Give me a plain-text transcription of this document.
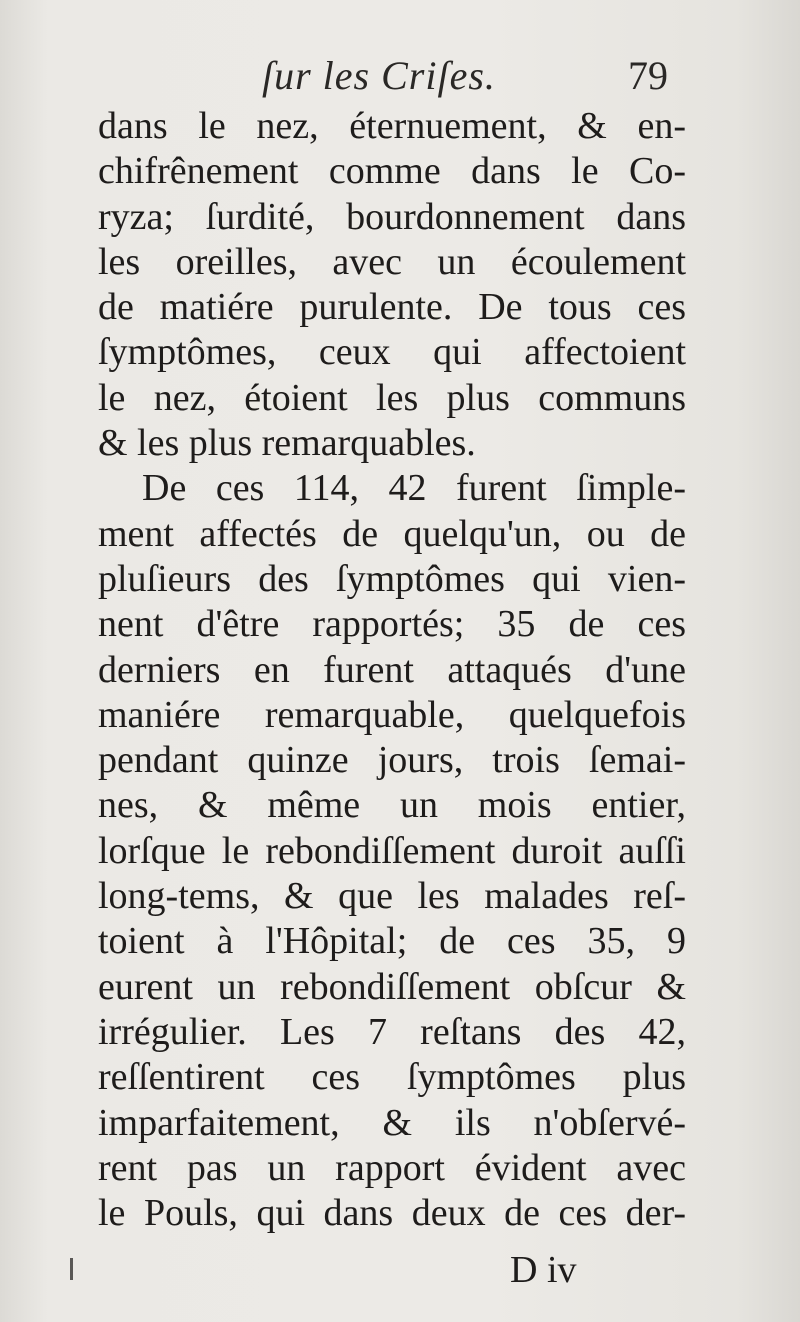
ſur les Criſes.	79
dans le nez, éternuement, & en-
chifrênement comme dans le Co-
ryza; ſurdité, bourdonnement dans
les oreilles, avec un écoulement
de matiére purulente. De tous ces
ſymptômes, ceux qui affectoient
le nez, étoient les plus communs
& les plus remarquables.
De ces 114, 42 furent ſimple-
ment affectés de quelqu'un, ou de
pluſieurs des ſymptômes qui vien-
nent d'être rapportés; 35 de ces
derniers en furent attaqués d'une
maniére remarquable, quelquefois
pendant quinze jours, trois ſemai-
nes, & même un mois entier,
lorſque le rebondiſſement duroit auſſi
long-tems, & que les malades reſ-
toient à l'Hôpital; de ces 35, 9
eurent un rebondiſſement obſcur &
irrégulier. Les 7 reſtans des 42,
reſſentirent ces ſymptômes plus
imparfaitement, & ils n'obſervé-
rent pas un rapport évident avec
le Pouls, qui dans deux de ces der-
D iv
